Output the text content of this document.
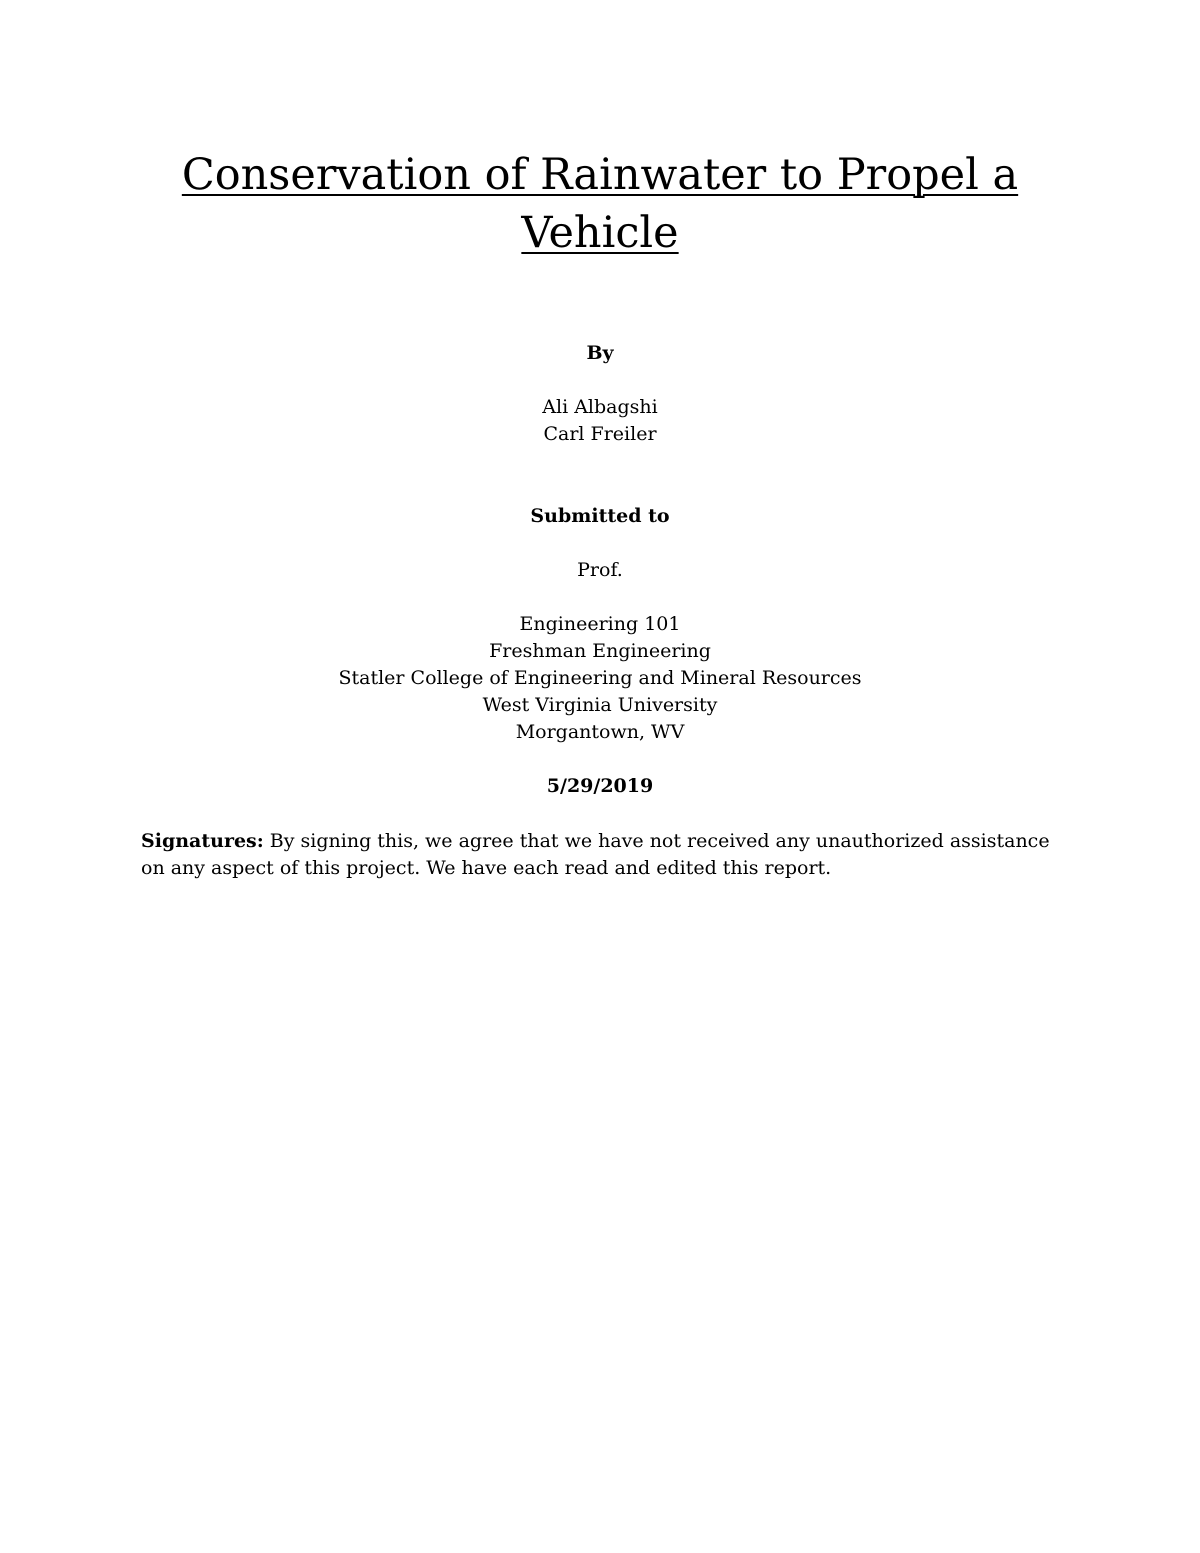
Conservation of Rainwater to Propel a
Vehicle
By
Ali Albagshi
Carl Freiler
Submitted to
Prof.
Engineering 101
Freshman Engineering
Statler College of Engineering and Mineral Resources
West Virginia University
Morgantown, WV
5/29/2019

Signatures: By signing this, we agree that we have not received any unauthorized assistance on any aspect of this project. We have each read and edited this report.
